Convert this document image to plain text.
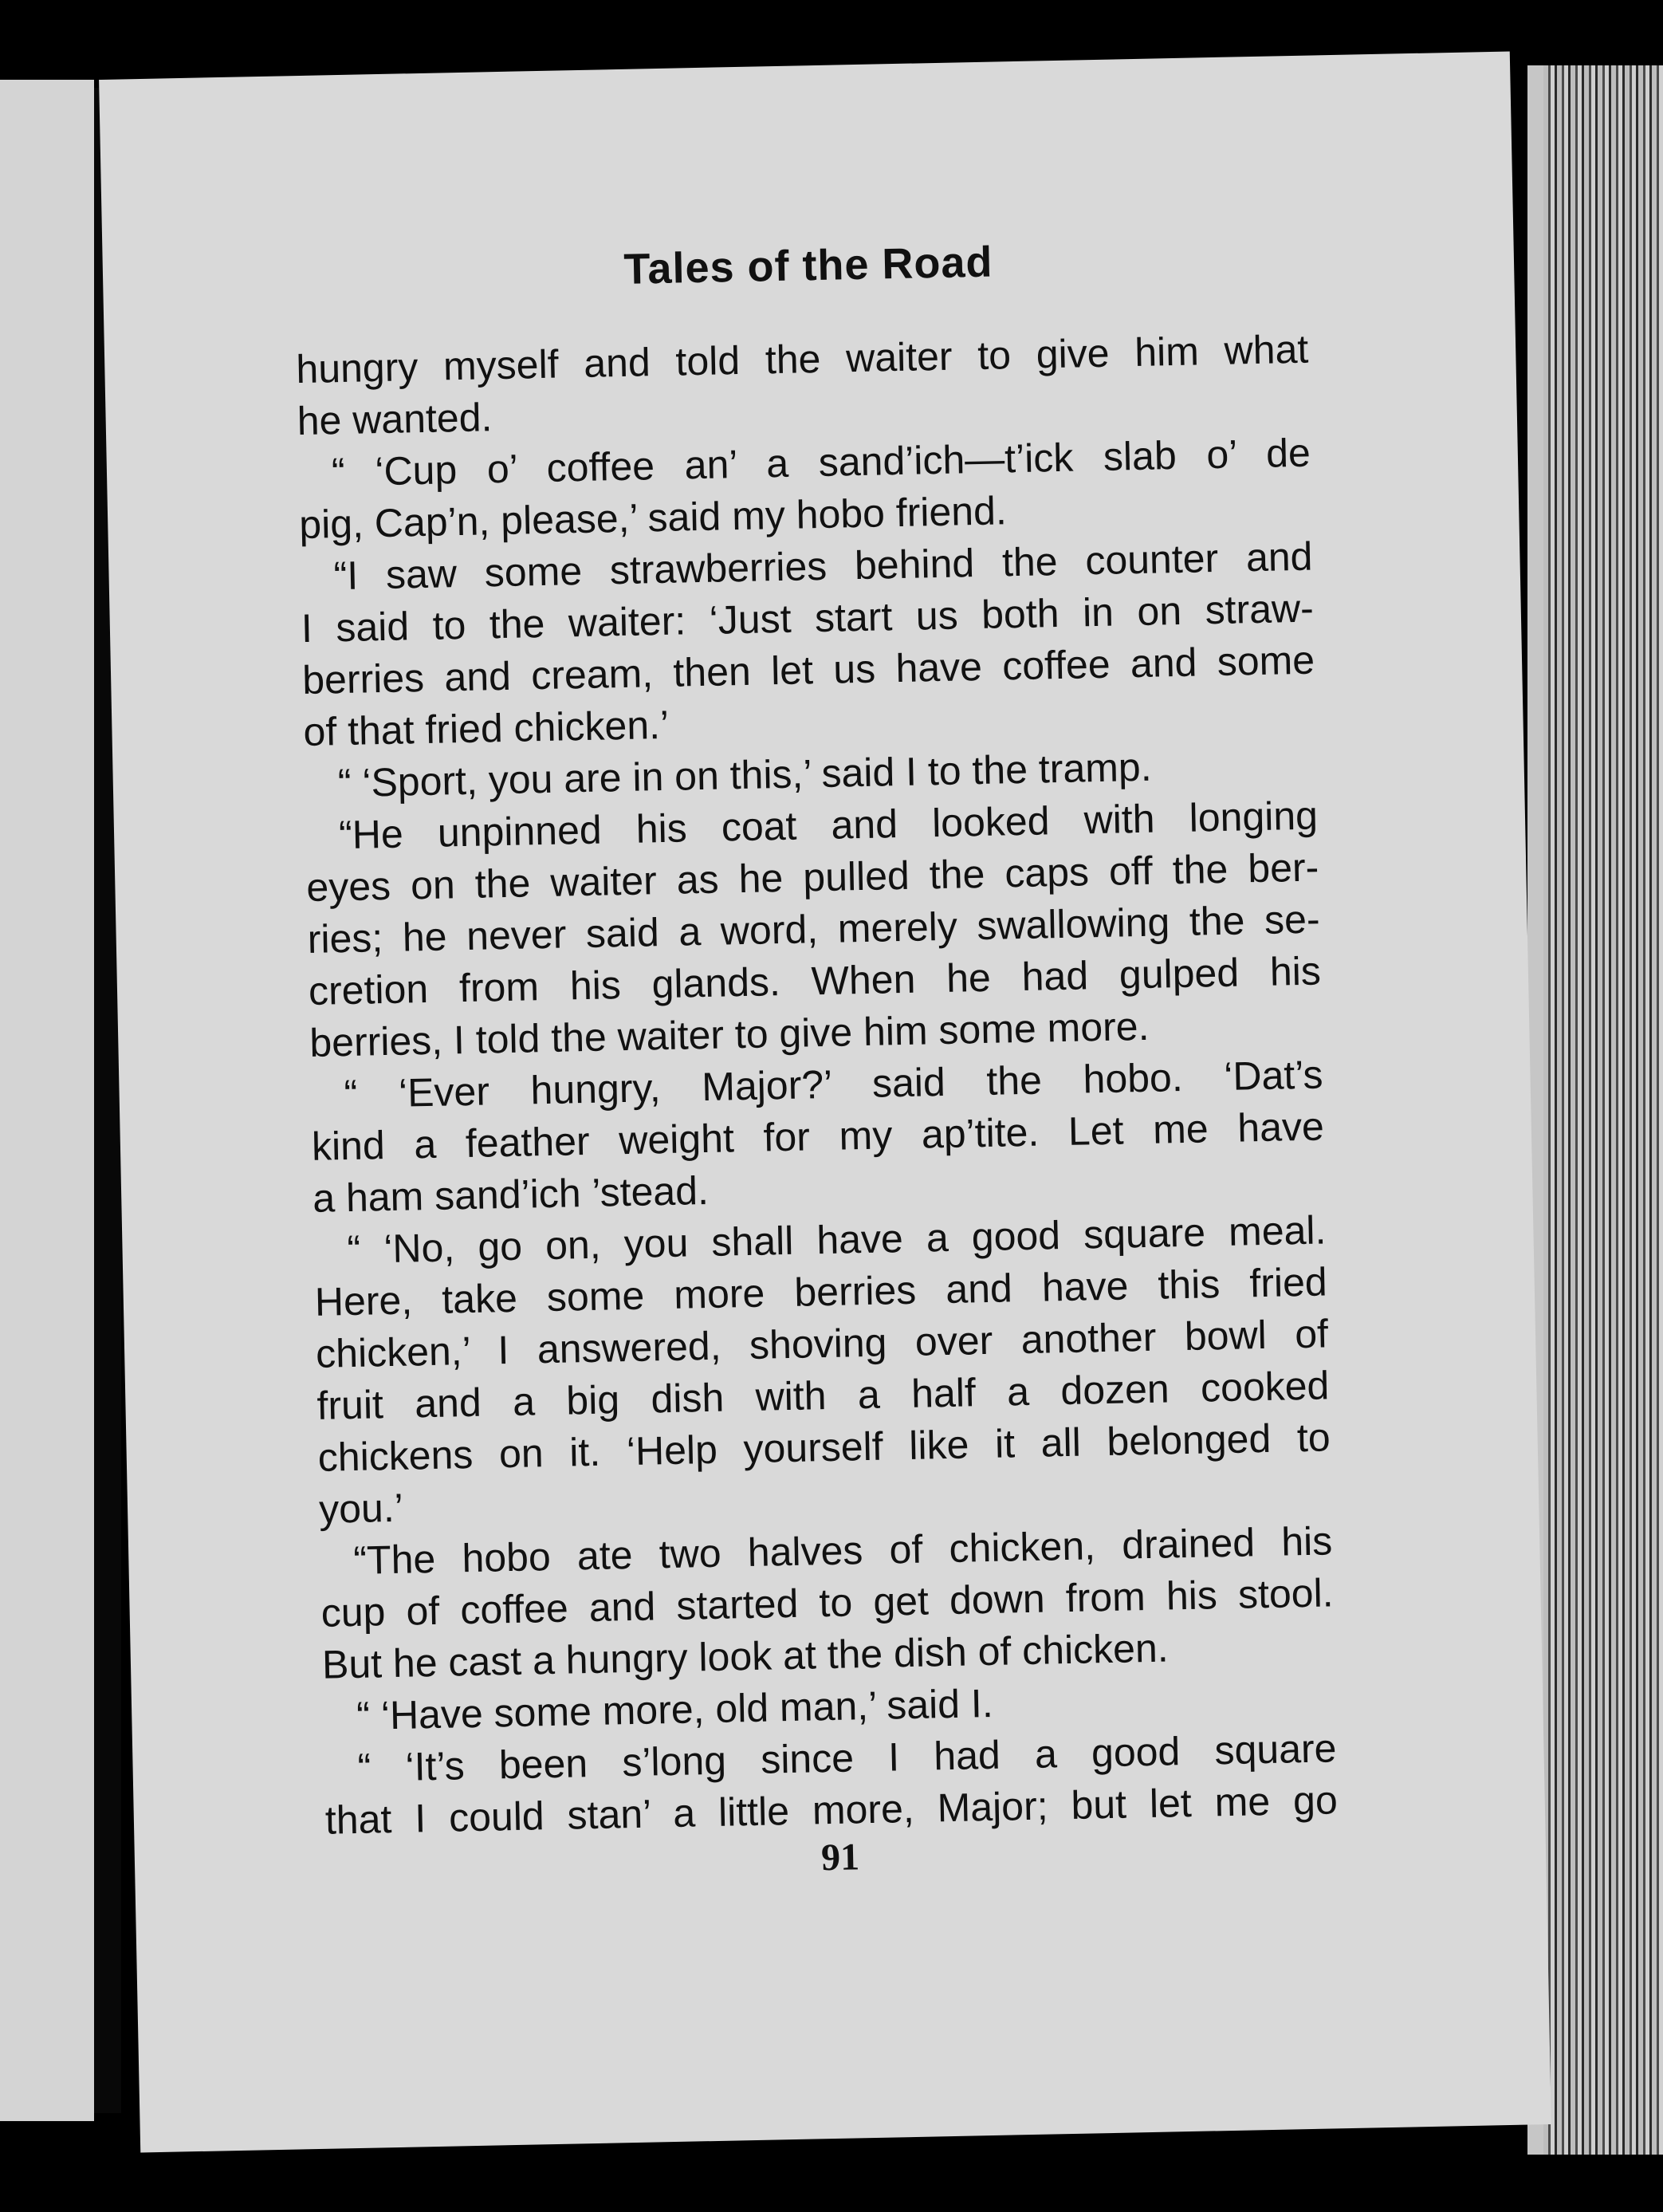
Tales of the Road
hungry myself and told the waiter to give him what
he wanted.
“ ‘Cup o’ coffee an’ a sand’ich—t’ick slab o’ de
pig, Cap’n, please,’ said my hobo friend.
“I saw some strawberries behind the counter and
I said to the waiter: ‘Just start us both in on straw-
berries and cream, then let us have coffee and some
of that fried chicken.’
“ ‘Sport, you are in on this,’ said I to the tramp.
“He unpinned his coat and looked with longing
eyes on the waiter as he pulled the caps off the ber-
ries; he never said a word, merely swallowing the se-
cretion from his glands. When he had gulped his
berries, I told the waiter to give him some more.
“ ‘Ever hungry, Major?’ said the hobo. ‘Dat’s
kind a feather weight for my ap’tite. Let me have
a ham sand’ich ’stead.
“ ‘No, go on, you shall have a good square meal.
Here, take some more berries and have this fried
chicken,’ I answered, shoving over another bowl of
fruit and a big dish with a half a dozen cooked
chickens on it. ‘Help yourself like it all belonged to
you.’
“The hobo ate two halves of chicken, drained his
cup of coffee and started to get down from his stool.
But he cast a hungry look at the dish of chicken.
“ ‘Have some more, old man,’ said I.
“ ‘It’s been s’long since I had a good square
that I could stan’ a little more, Major; but let me go
91
